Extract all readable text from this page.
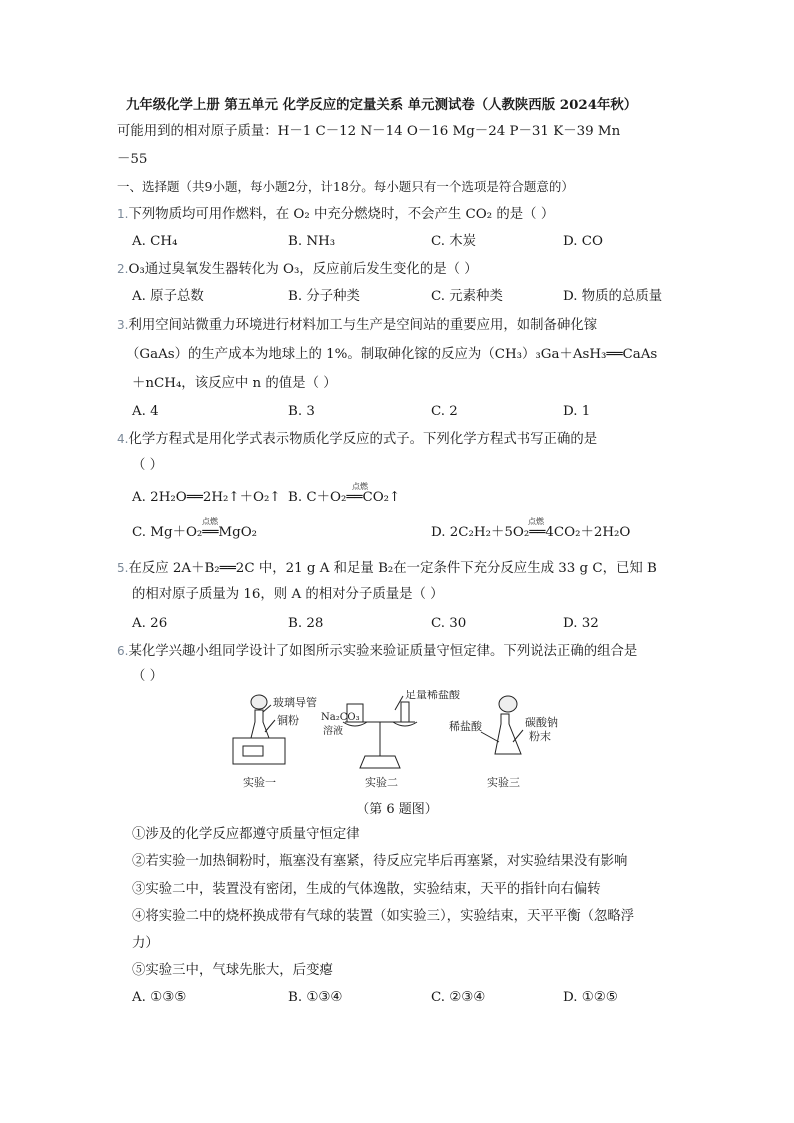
九年级化学上册 第五单元 化学反应的定量关系 单元测试卷（人教陕西版 2024年秋）
可能用到的相对原子质量：H－1 C－12 N－14 O－16 Mg－24 P－31 K－39 Mn
－55
一、选择题（共9小题，每小题2分，计18分。每小题只有一个选项是符合题意的）
1.下列物质均可用作燃料，在 O₂ 中充分燃烧时，不会产生 CO₂ 的是（ ）
A. CH₄	B. NH₃	C. 木炭	D. CO
2.O₃通过臭氧发生器转化为 O₃，反应前后发生变化的是（ ）
A. 原子总数	B. 分子种类	C. 元素种类	D. 物质的总质量
3.利用空间站微重力环境进行材料加工与生产是空间站的重要应用，如制备砷化镓
（GaAs）的生产成本为地球上的 1%。制取砷化镓的反应为（CH₃）₃Ga＋AsH₃══CaAs
＋nCH₄，该反应中 n 的值是（ ）
A. 4	B. 3	C. 2	D. 1
4.化学方程式是用化学式表示物质化学反应的式子。下列化学方程式书写正确的是
（ ）
A. 2H₂O══2H₂↑＋O₂↑ B. C＋O₂══CO₂↑
点燃
C. Mg＋O₂══MgO₂
点燃
D. 2C₂H₂＋5O₂══4CO₂＋2H₂O
点燃
5.在反应 2A＋B₂══2C 中，21 g A 和足量 B₂在一定条件下充分反应生成 33 g C，已知 B
的相对原子质量为 16，则 A 的相对分子质量是（ ）
A. 26	B. 28	C. 30	D. 32
6.某化学兴趣小组同学设计了如图所示实验来验证质量守恒定律。下列说法正确的组合是
（ ）
玻璃导管
铜粉
足量稀盐酸
Na₂CO₃
溶液	稀盐酸	碳酸钠
粉末
实验一	实验二	实验三
（第 6 题图）
①涉及的化学反应都遵守质量守恒定律
②若实验一加热铜粉时，瓶塞没有塞紧，待反应完毕后再塞紧，对实验结果没有影响
③实验二中，装置没有密闭，生成的气体逸散，实验结束，天平的指针向右偏转
④将实验二中的烧杯换成带有气球的装置（如实验三），实验结束，天平平衡（忽略浮
力）
⑤实验三中，气球先胀大，后变瘪
A. ①③⑤	B. ①③④	C. ②③④	D. ①②⑤
